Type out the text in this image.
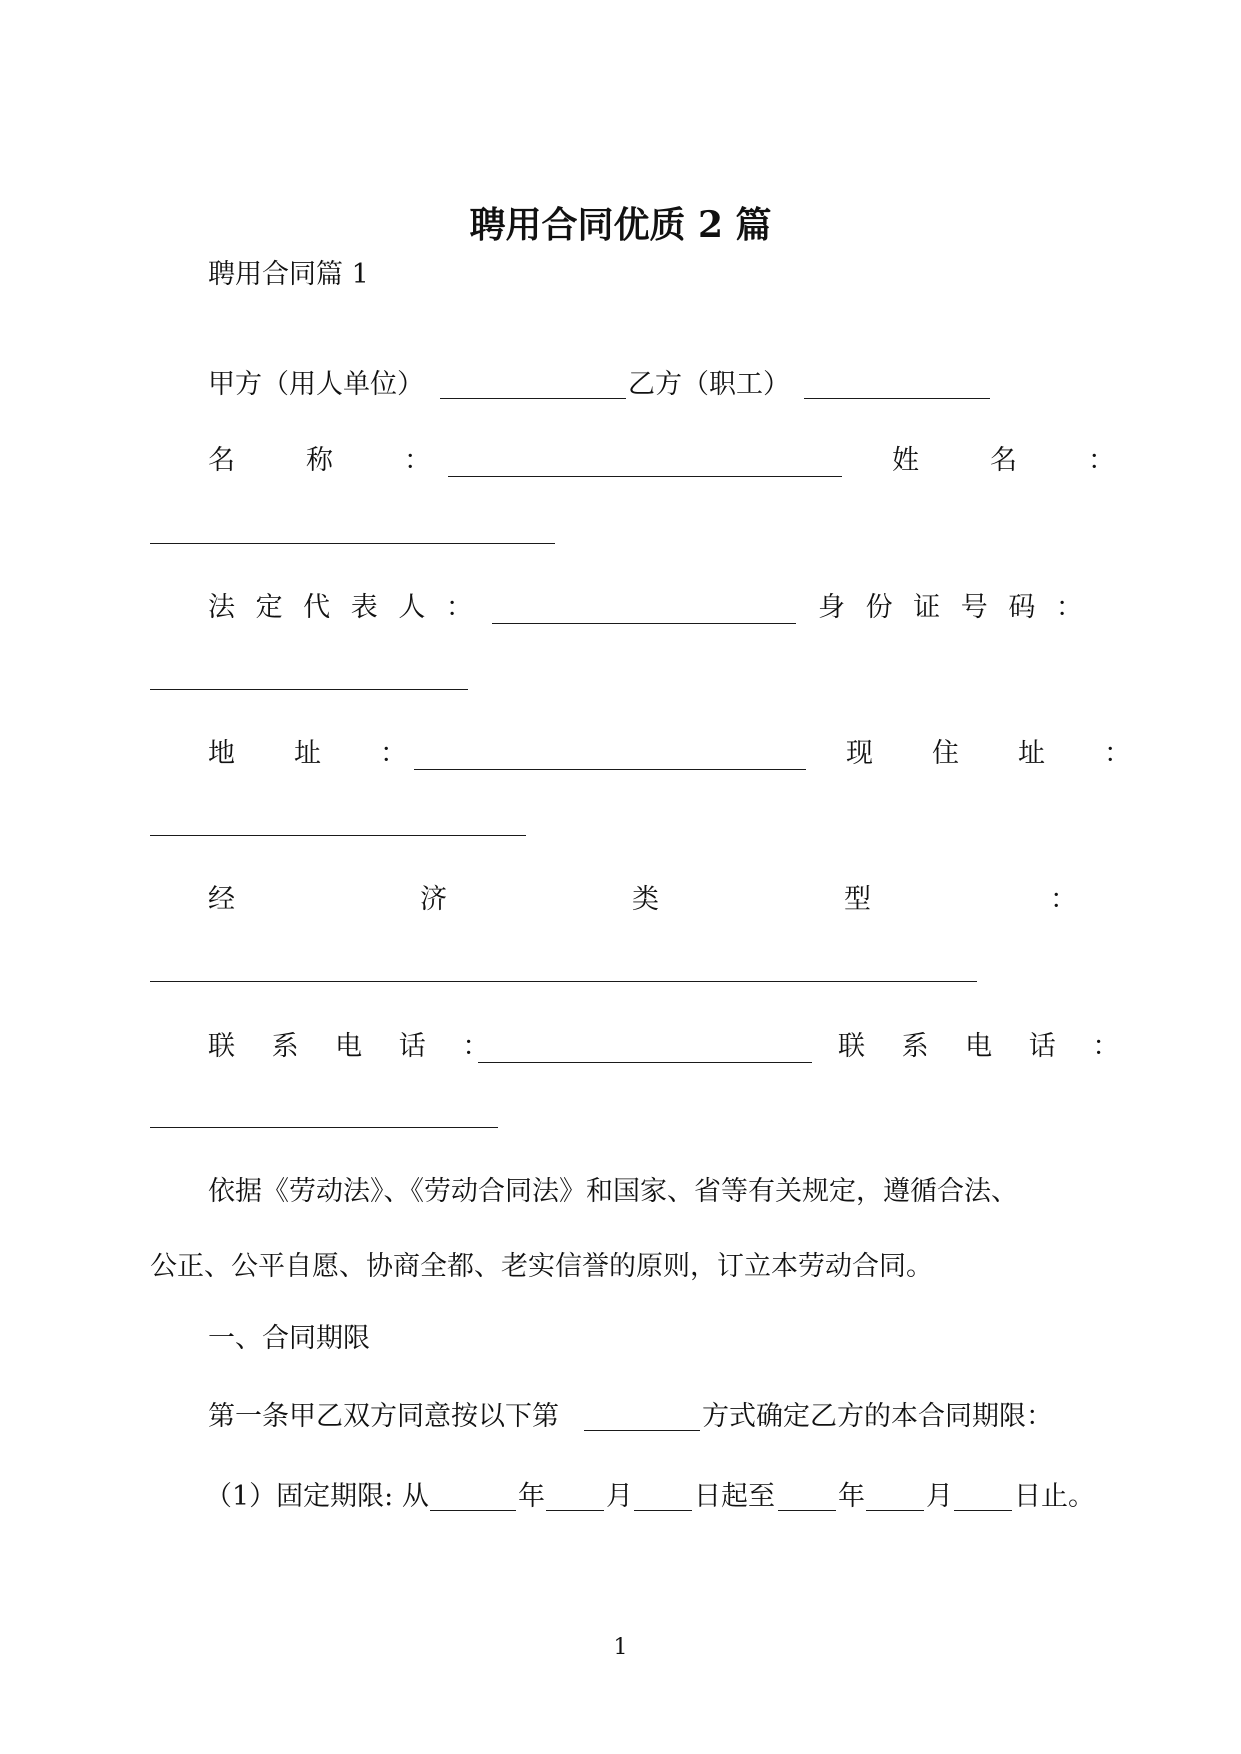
聘用合同优质 2 篇
聘用合同篇 1
甲方（用人单位）	乙方（职工）
名　称　：	姓　名　：
法 定 代 表 人 ：	身 份 证 号 码 ：
地　址　：	现　住　址　：
经	济	类	型	：
联 系 电 话 ：	联 系 电 话 ：
依据《劳动法》、《劳动合同法》和国家、省等有关规定，遵循合法、
公正、公平自愿、协商全都、老实信誉的原则，订立本劳动合同。
一、合同期限
第一条甲乙双方同意按以下第	方式确定乙方的本合同期限：
（1）固定期限: 从	年 月 日起至 年 月 日止。
1
